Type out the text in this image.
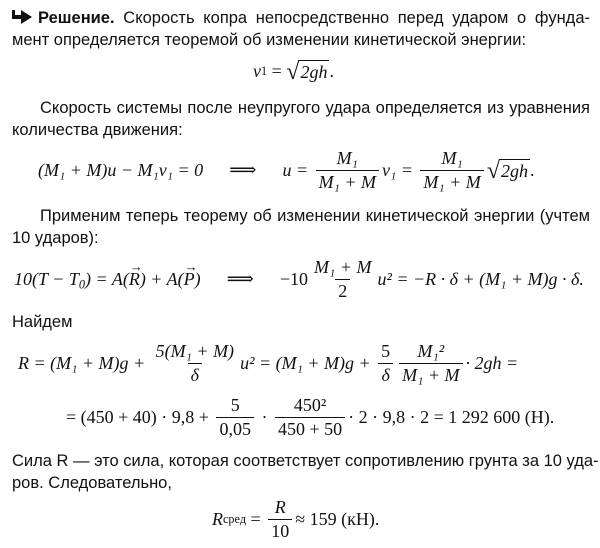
Решение. Скорость копра непосредственно перед ударом о фунда-
мент определяется теоремой об изменении кинетической энергии:
v 1 = √ 2gh .
Скорость системы после неупругого удара определяется из уравнения
количества движения:
(M₁ + M)u − M₁v₁ = 0 ⟹ $u = \frac{\text{M₁}}{\text{M₁ + M}} v_1 = \frac{\text{M₁}}{\text{M₁ + M}}$ √ 2gh .
Применим теперь теорему об изменении кинетической энергии (учтем
10 ударов):
$10(T - T_0) = A(R$
→
) + A(P
→
) ⟹ $-10 \frac{\text{M₁ + M}}{2} u^2 = -R \cdot \delta + (M_1 + M)g \cdot \delta$.
Найдем
$R = (M_1 + M)g + \frac{\text{5(M₁ + M)}}{\delta} u^2 = (M_1 + M)g + \frac{5}{\delta} \frac{\text{M₁²}}{\text{M₁ + M}} \cdot 2gh$ =
= $(450 + 40) \cdot 9,8 + \frac{5}{0,05} \cdot \frac{\text{450²}}{450 + 50} \cdot 2 \cdot 9,8 \cdot 2 = 1$ 292 600 (Н).
Сила R — это сила, которая соответствует сопротивлению грунта за 10 уда-
ров. Следовательно,
R сред = $\frac{R}{10} \approx 159$ (кН).
